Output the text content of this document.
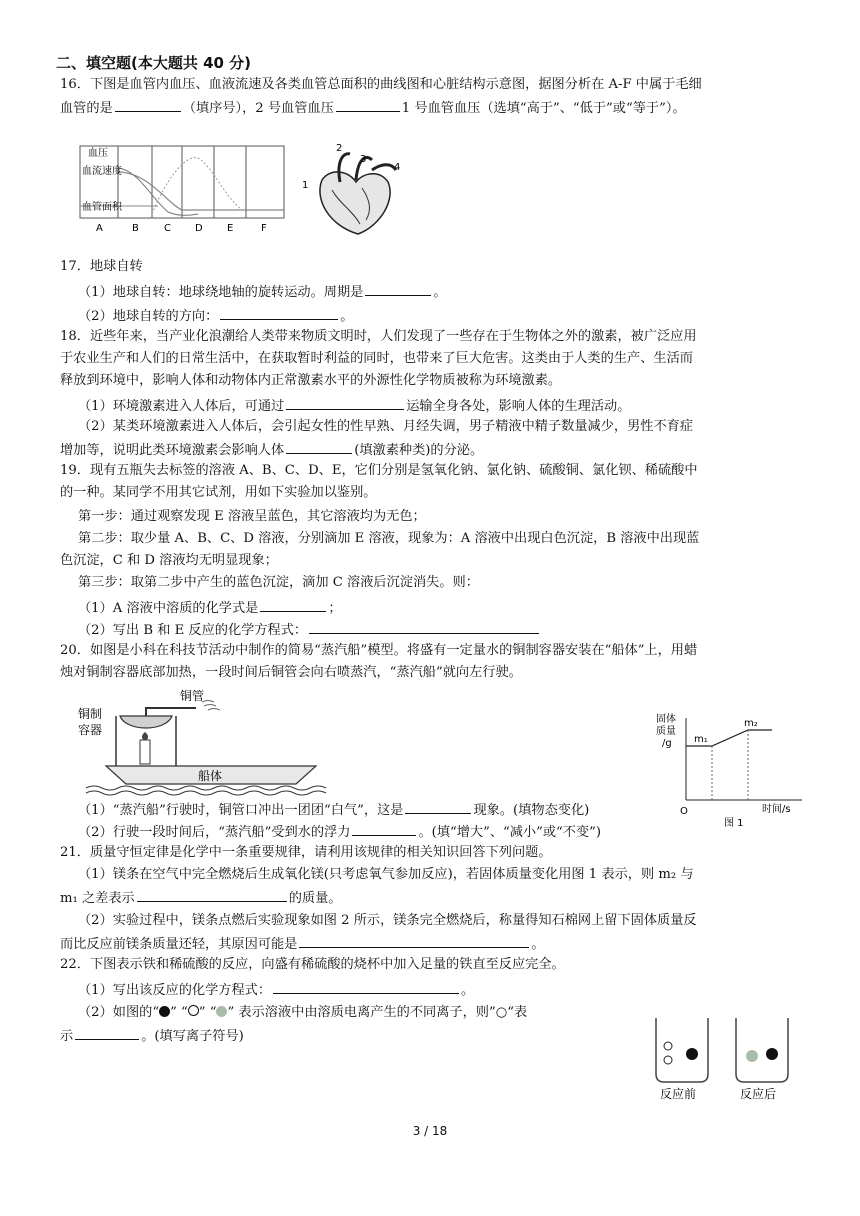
二、填空题(本大题共 40 分)
16．下图是血管内血压、血液流速及各类血管总面积的曲线图和心脏结构示意图，据图分析在 A-F 中属于毛细
血管的是	（填序号），2 号血管血压	1 号血管血压（选填“高于”、“低于”或“等于”）。
血压
血流速度
血管面积
A	B	C D E	F
1
2
3
4
17．地球自转
（1）地球自转：地球绕地轴的旋转运动。周期是	。
（2）地球自转的方向：	。
18．近些年来，当产业化浪潮给人类带来物质文明时，人们发现了一些存在于生物体之外的激素，被广泛应用
于农业生产和人们的日常生活中，在获取暂时利益的同时，也带来了巨大危害。这类由于人类的生产、生活而
释放到环境中，影响人体和动物体内正常激素水平的外源性化学物质被称为环境激素。
（1）环境激素进入人体后，可通过	运输全身各处，影响人体的生理活动。
（2）某类环境激素进入人体后，会引起女性的性早熟、月经失调，男子精液中精子数量减少，男性不育症
增加等，说明此类环境激素会影响人体	(填激素种类)的分泌。
19．现有五瓶失去标签的溶液 A、B、C、D、E，它们分别是氢氧化钠、氯化钠、硫酸铜、氯化钡、稀硫酸中
的一种。某同学不用其它试剂，用如下实验加以鉴别。
第一步：通过观察发现 E 溶液呈蓝色，其它溶液均为无色；
第二步：取少量 A、B、C、D 溶液，分别滴加 E 溶液，现象为：A 溶液中出现白色沉淀，B 溶液中出现蓝
色沉淀，C 和 D 溶液均无明显现象；
第三步：取第二步中产生的蓝色沉淀，滴加 C 溶液后沉淀消失。则：
（1）A 溶液中溶质的化学式是	；
（2）写出 B 和 E 反应的化学方程式：
20．如图是小科在科技节活动中制作的简易“蒸汽船”模型。将盛有一定量水的铜制容器安装在“船体”上，用蜡
烛对铜制容器底部加热，一段时间后铜管会向右喷蒸汽，“蒸汽船”就向左行驶。
铜管
铜制
容器
船体
固体
质量
/g m₁
m₂
O	时间/s
图 1
（1）“蒸汽船”行驶时，铜管口冲出一团团“白气”，这是	现象。(填物态变化)
（2）行驶一段时间后，“蒸汽船”受到水的浮力	。(填“增大”、“减小”或“不变”)
21．质量守恒定律是化学中一条重要规律，请利用该规律的相关知识回答下列问题。
（1）镁条在空气中完全燃烧后生成氧化镁(只考虑氧气参加反应)，若固体质量变化用图 1 表示，则 m₂ 与
m₁ 之差表示	的质量。
（2）实验过程中，镁条点燃后实验现象如图 2 所示，镁条完全燃烧后，称量得知石棉网上留下固体质量反
而比反应前镁条质量还轻，其原因可能是	。
22．下图表示铁和稀硫酸的反应，向盛有稀硫酸的烧杯中加入足量的铁直至反应完全。
（1）写出该反应的化学方程式：	。
（2）如图的“ ” “ ” “ ” 表示溶液中由溶质电离产生的不同离子，则”○“表
示	。(填写离子符号)
反应前	反应后
3 / 18
